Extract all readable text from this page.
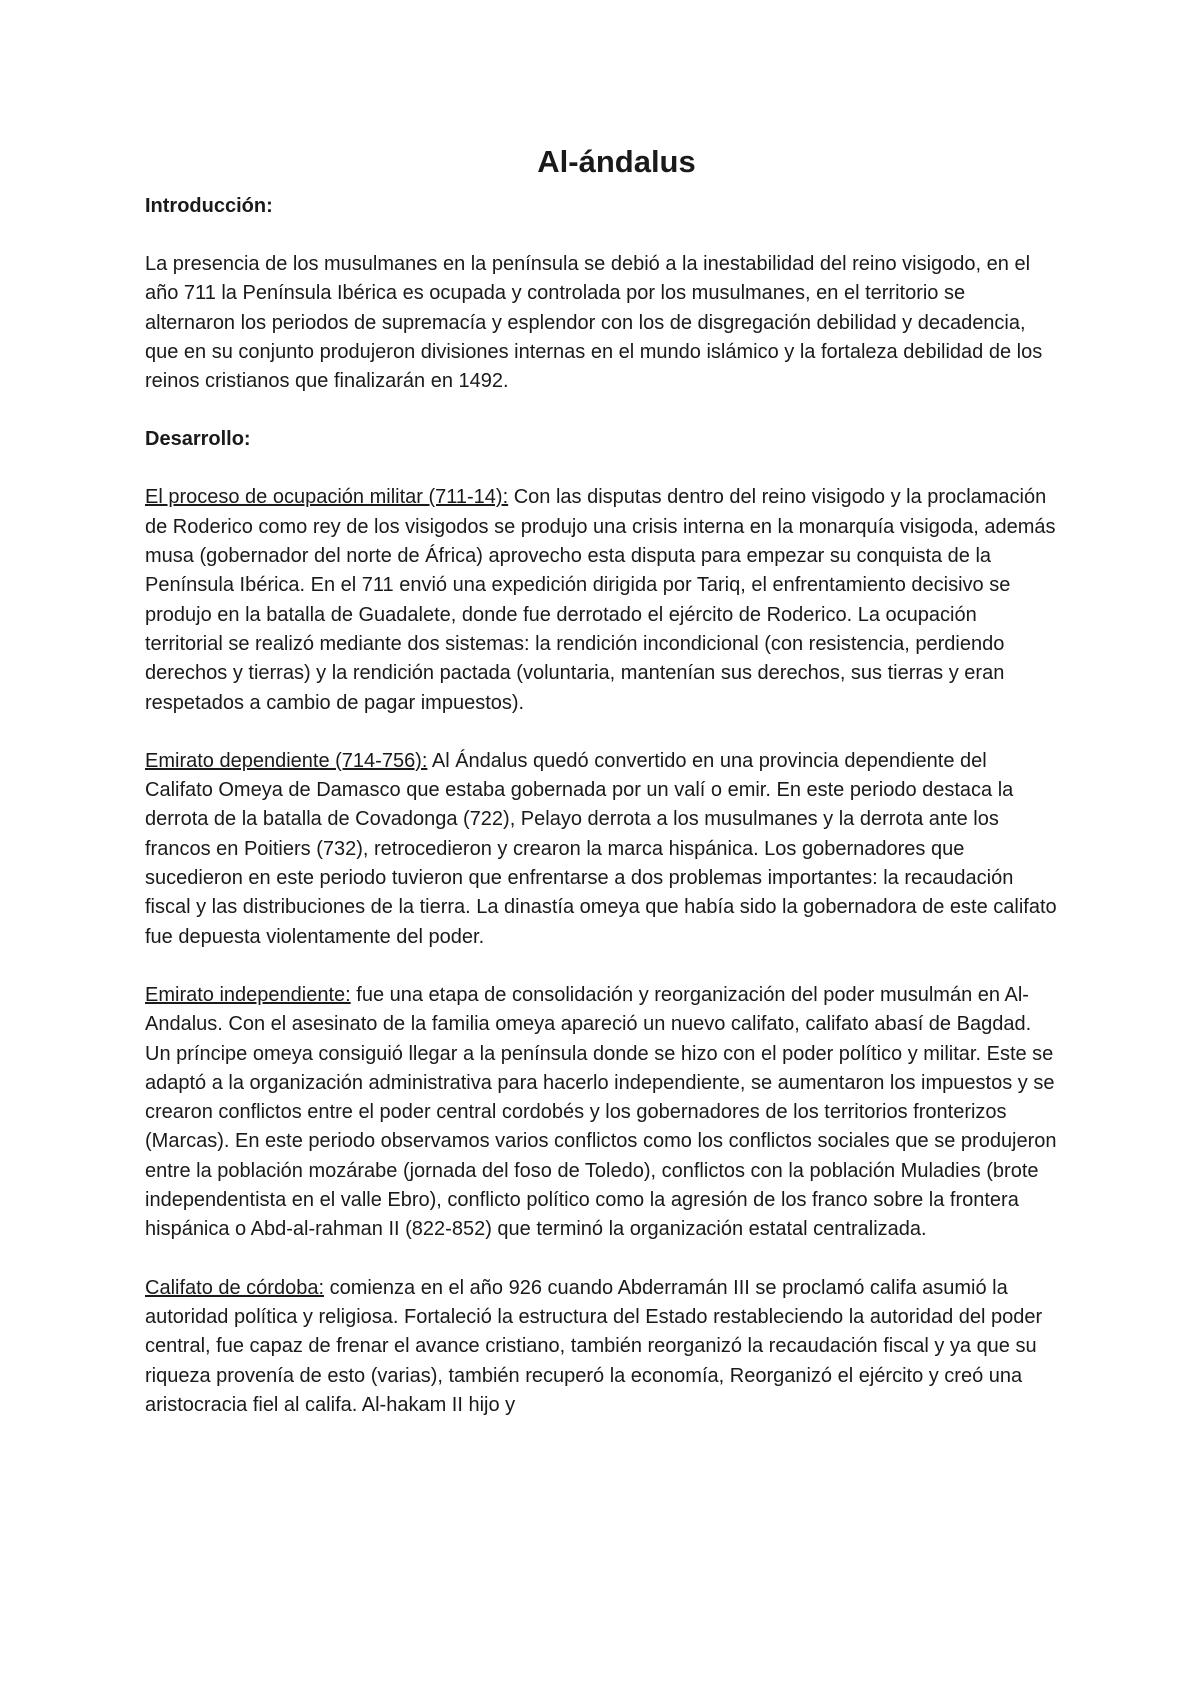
Al-ándalus

Introducción:

La presencia de los musulmanes en la península se debió a la inestabilidad del reino visigodo, en el año 711 la Península Ibérica es ocupada y controlada por los musulmanes, en el territorio se alternaron los periodos de supremacía y esplendor con los de disgregación debilidad y decadencia, que en su conjunto produjeron divisiones internas en el mundo islámico y la fortaleza debilidad de los reinos cristianos que finalizarán en 1492.

Desarrollo:

El proceso de ocupación militar (711-14): Con las disputas dentro del reino visigodo y la proclamación de Roderico como rey de los visigodos se produjo una crisis interna en la monarquía visigoda, además musa (gobernador del norte de África) aprovecho esta disputa para empezar su conquista de la Península Ibérica. En el 711 envió una expedición dirigida por Tariq, el enfrentamiento decisivo se produjo en la batalla de Guadalete, donde fue derrotado el ejército de Roderico. La ocupación territorial se realizó mediante dos sistemas: la rendición incondicional (con resistencia, perdiendo derechos y tierras) y la rendición pactada (voluntaria, mantenían sus derechos, sus tierras y eran respetados a cambio de pagar impuestos).

Emirato dependiente (714-756): Al Ándalus quedó convertido en una provincia dependiente del Califato Omeya de Damasco que estaba gobernada por un valí o emir. En este periodo destaca la derrota de la batalla de Covadonga (722), Pelayo derrota a los musulmanes y la derrota ante los francos en Poitiers (732), retrocedieron y crearon la marca hispánica. Los gobernadores que sucedieron en este periodo tuvieron que enfrentarse a dos problemas importantes: la recaudación fiscal y las distribuciones de la tierra. La dinastía omeya que había sido la gobernadora de este califato fue depuesta violentamente del poder.

Emirato independiente: fue una etapa de consolidación y reorganización del poder musulmán en Al-Andalus. Con el asesinato de la familia omeya apareció un nuevo califato, califato abasí de Bagdad. Un príncipe omeya consiguió llegar a la península donde se hizo con el poder político y militar. Este se adaptó a la organización administrativa para hacerlo independiente, se aumentaron los impuestos y se crearon conflictos entre el poder central cordobés y los gobernadores de los territorios fronterizos (Marcas). En este periodo observamos varios conflictos como los conflictos sociales que se produjeron entre la población mozárabe (jornada del foso de Toledo), conflictos con la población Muladies (brote independentista en el valle Ebro), conflicto político como la agresión de los franco sobre la frontera hispánica o Abd-al-rahman II (822-852) que terminó la organización estatal centralizada.

Califato de córdoba: comienza en el año 926 cuando Abderramán III se proclamó califa asumió la autoridad política y religiosa. Fortaleció la estructura del Estado restableciendo la autoridad del poder central, fue capaz de frenar el avance cristiano, también reorganizó la recaudación fiscal y ya que su riqueza provenía de esto (varias), también recuperó la economía, Reorganizó el ejército y creó una aristocracia fiel al califa. Al-hakam II hijo y
